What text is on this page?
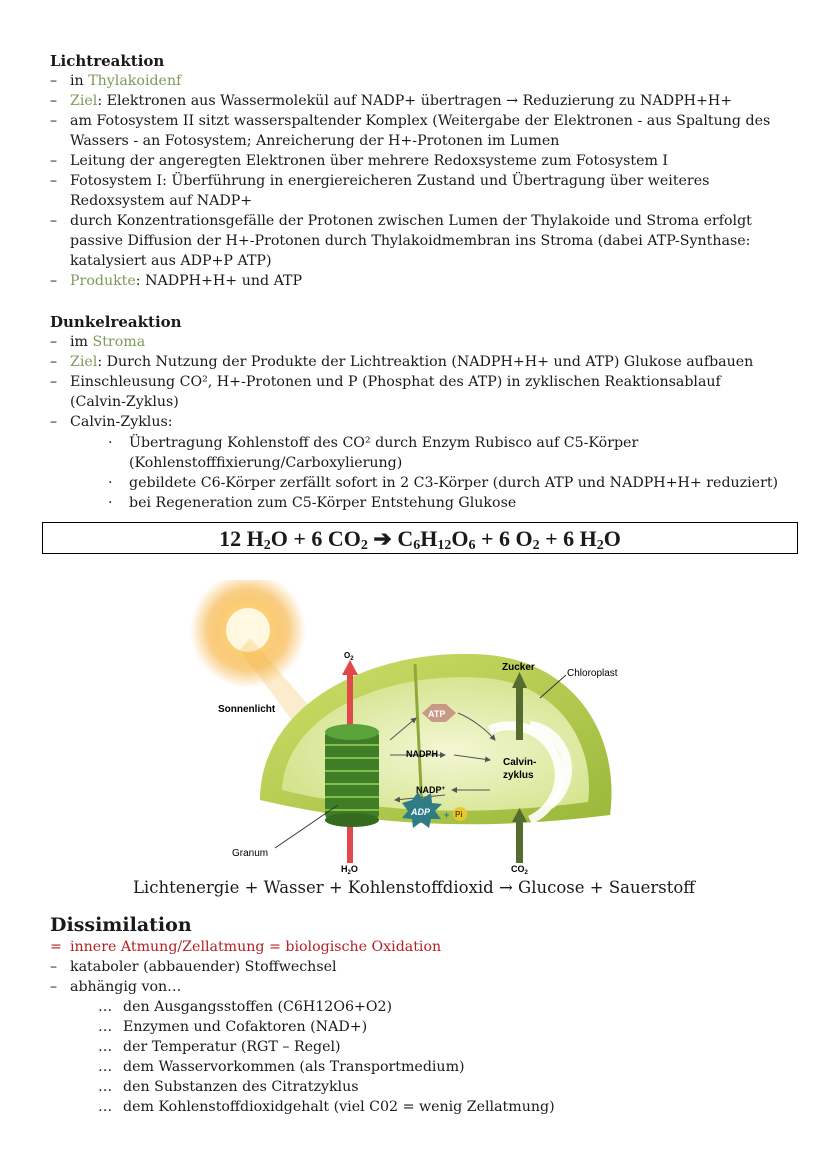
Lichtreaktion
– in Thylakoidenf
– Ziel: Elektronen aus Wassermolekül auf NADP+ übertragen → Reduzierung zu NADPH+H+
– am Fotosystem II sitzt wasserspaltender Komplex (Weitergabe der Elektronen - aus Spaltung des Wassers - an Fotosystem; Anreicherung der H+-Protonen im Lumen
– Leitung der angeregten Elektronen über mehrere Redoxsysteme zum Fotosystem I
– Fotosystem I: Überführung in energiereicheren Zustand und Übertragung über weiteres Redoxsystem auf NADP+
– durch Konzentrationsgefälle der Protonen zwischen Lumen der Thylakoide und Stroma erfolgt passive Diffusion der H+-Protonen durch Thylakoidmembran ins Stroma (dabei ATP-Synthase: katalysiert aus ADP+P ATP)
– Produkte: NADPH+H+ und ATP
Dunkelreaktion
– im Stroma
– Ziel: Durch Nutzung der Produkte der Lichtreaktion (NADPH+H+ und ATP) Glukose aufbauen
– Einschleusung CO², H+-Protonen und P (Phosphat des ATP) in zyklischen Reaktionsablauf (Calvin-Zyklus)
– Calvin-Zyklus:
· Übertragung Kohlenstoff des CO² durch Enzym Rubisco auf C5-Körper (Kohlenstofffixierung/Carboxylierung)
· gebildete C6-Körper zerfällt sofort in 2 C3-Körper (durch ATP und NADPH+H+ reduziert)
· bei Regeneration zum C5-Körper Entstehung Glukose
12 $H_2O + 6$ $CO_2$ ➔ $C_6H_{12}O_6 + 6$ $O_2 + 6$ $H_2O$
$O_2$
Zucker
Chloroplast
Sonnenlicht	ATP
NADPH
NADP+
ADP + Pi
Calvin-
zyklus
Granum
$H_2O$	$CO_2$
Lichtenergie + Wasser + Kohlenstoffdioxid → Glucose + Sauerstoff
Dissimilation
= innere Atmung/Zellatmung = biologische Oxidation
– kataboler (abbauender) Stoffwechsel
– abhängig von…
… den Ausgangsstoffen (C6H12O6+O2)
… Enzymen und Cofaktoren (NAD+)
… der Temperatur (RGT – Regel)
… dem Wasservorkommen (als Transportmedium)
… den Substanzen des Citratzyklus
… dem Kohlenstoffdioxidgehalt (viel C02 = wenig Zellatmung)
